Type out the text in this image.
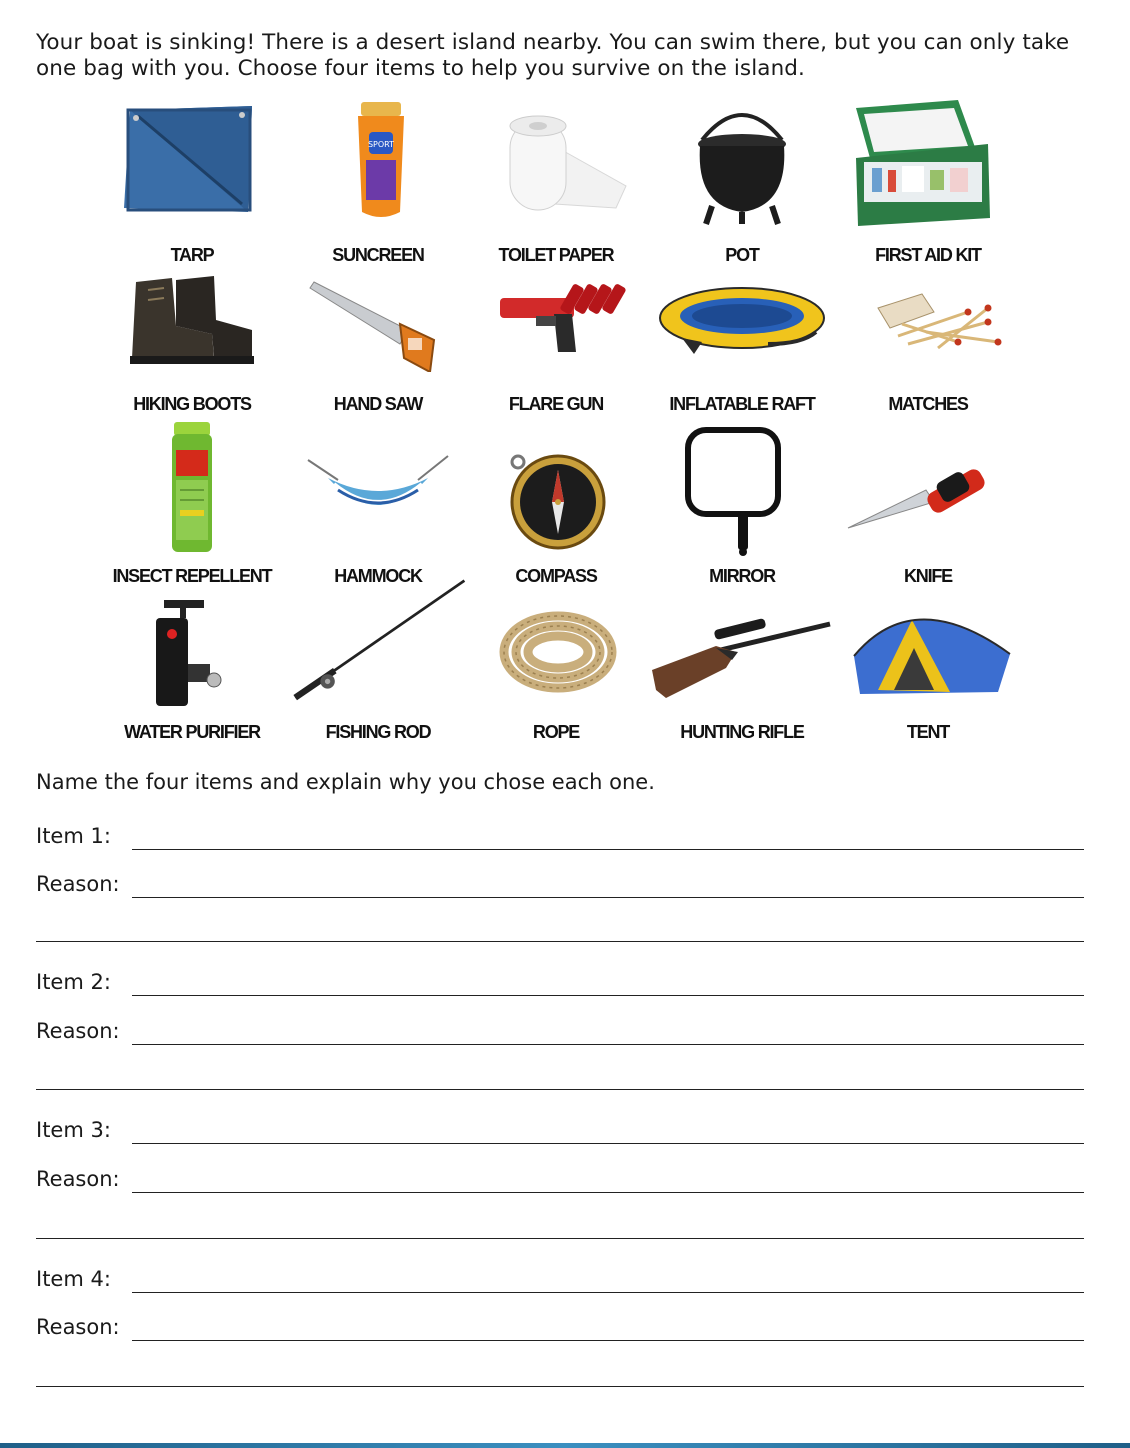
Your boat is sinking! There is a desert island nearby. You can swim there, but you can only take one bag with you. Choose four items to help you survive on the island.

TARP
SPORT
SUNCREEN	TOILET PAPER	POT	FIRST AID KIT
HIKING BOOTS	HAND SAW	FLARE GUN	INFLATABLE RAFT	MATCHES
INSECT REPELLENT	HAMMOCK	COMPASS	MIRROR	KNIFE
WATER PURIFIER	FISHING ROD	ROPE	HUNTING RIFLE	TENT

Name the four items and explain why you chose each one.

Item 1:
Reason:
Item 2:
Reason:
Item 3:
Reason:
Item 4:
Reason:
